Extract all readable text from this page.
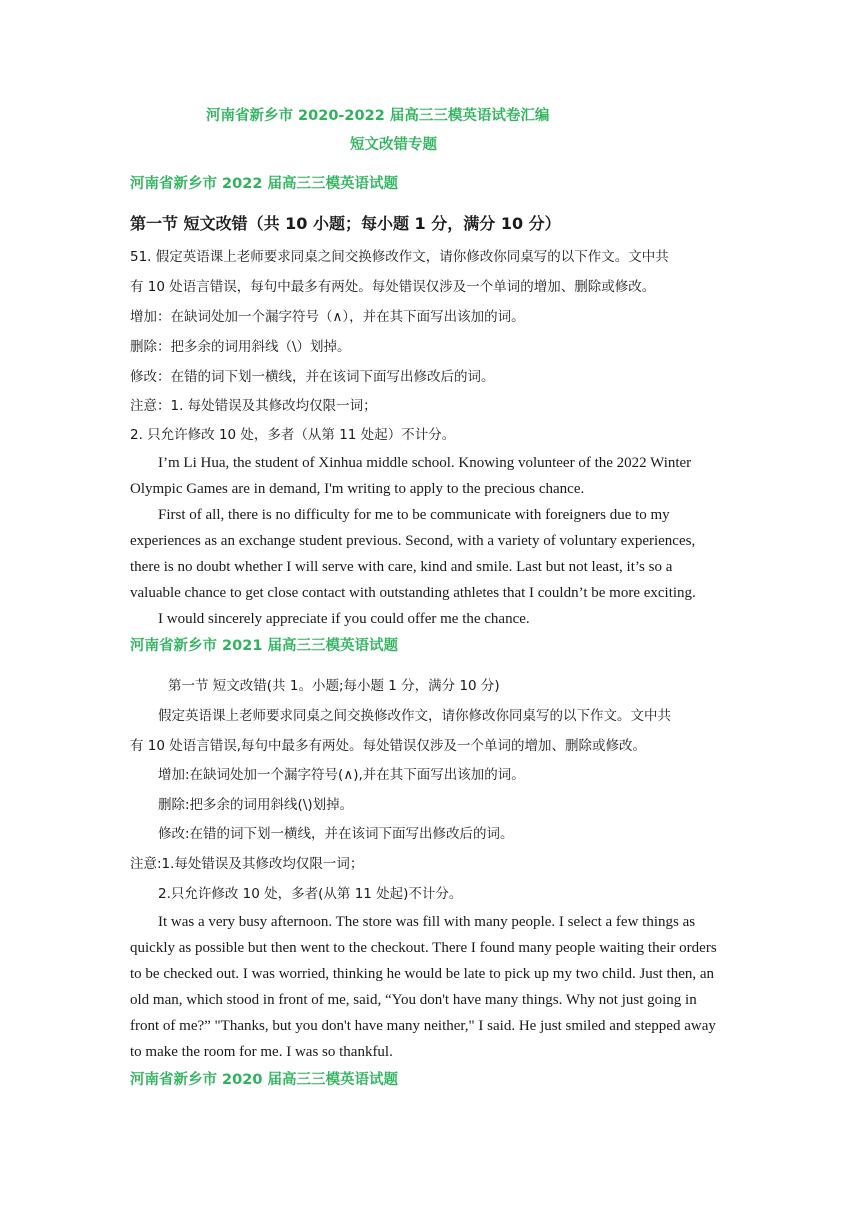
河南省新乡市 2020-2022 届高三三模英语试卷汇编
短文改错专题
河南省新乡市 2022 届高三三模英语试题
第一节 短文改错（共 10 小题；每小题 1 分，满分 10 分）
51. 假定英语课上老师要求同桌之间交换修改作文，请你修改你同桌写的以下作文。文中共
有 10 处语言错误，每句中最多有两处。每处错误仅涉及一个单词的增加、删除或修改。
增加：在缺词处加一个漏字符号（∧），并在其下面写出该加的词。
删除：把多余的词用斜线（\）划掉。
修改：在错的词下划一横线，并在该词下面写出修改后的词。
注意：1. 每处错误及其修改均仅限一词；
2. 只允许修改 10 处，多者（从第 11 处起）不计分。
I’m Li Hua, the student of Xinhua middle school. Knowing volunteer of the 2022 Winter
Olympic Games are in demand, I'm writing to apply to the precious chance.
First of all, there is no difficulty for me to be communicate with foreigners due to my
experiences as an exchange student previous. Second, with a variety of voluntary experiences,
there is no doubt whether I will serve with care, kind and smile. Last but not least, it’s so a
valuable chance to get close contact with outstanding athletes that I couldn’t be more exciting.
I would sincerely appreciate if you could offer me the chance.
河南省新乡市 2021 届高三三模英语试题
第一节 短文改错(共 1。小题;每小题 1 分，满分 10 分)
假定英语课上老师要求同桌之间交换修改作文，请你修改你同桌写的以下作文。文中共
有 10 处语言错误,每句中最多有两处。每处错误仅涉及一个单词的增加、删除或修改。
增加:在缺词处加一个漏字符号(∧),并在其下面写出该加的词。
删除:把多余的词用斜线(\)划掉。
修改:在错的词下划一横线，并在该词下面写出修改后的词。
注意:1.每处错误及其修改均仅限一词；
2.只允许修改 10 处，多者(从第 11 处起)不计分。
It was a very busy afternoon. The store was fill with many people. I select a few things as
quickly as possible but then went to the checkout. There I found many people waiting their orders
to be checked out. I was worried, thinking he would be late to pick up my two child. Just then, an
old man, which stood in front of me, said, “You don't have many things. Why not just going in
front of me?” "Thanks, but you don't have many neither," I said. He just smiled and stepped away
to make the room for me. I was so thankful.
河南省新乡市 2020 届高三三模英语试题
